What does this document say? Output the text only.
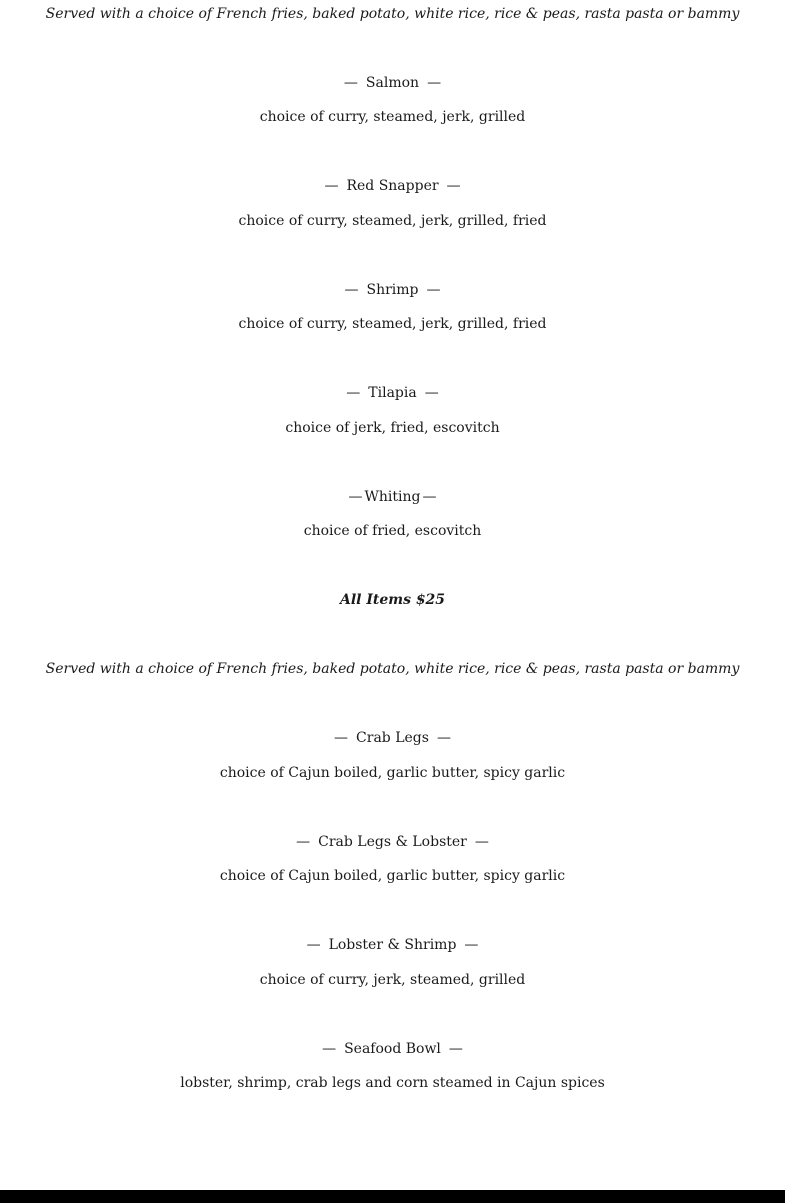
Served with a choice of French fries, baked potato, white rice, rice & peas, rasta pasta or bammy

— Salmon —

choice of curry, steamed, jerk, grilled

— Red Snapper —

choice of curry, steamed, jerk, grilled, fried

— Shrimp —

choice of curry, steamed, jerk, grilled, fried

— Tilapia —

choice of jerk, fried, escovitch

— Whiting —

choice of fried, escovitch

All Items $25

Served with a choice of French fries, baked potato, white rice, rice & peas, rasta pasta or bammy

— Crab Legs —

choice of Cajun boiled, garlic butter, spicy garlic

— Crab Legs & Lobster —

choice of Cajun boiled, garlic butter, spicy garlic

— Lobster & Shrimp —

choice of curry, jerk, steamed, grilled

— Seafood Bowl —

lobster, shrimp, crab legs and corn steamed in Cajun spices
